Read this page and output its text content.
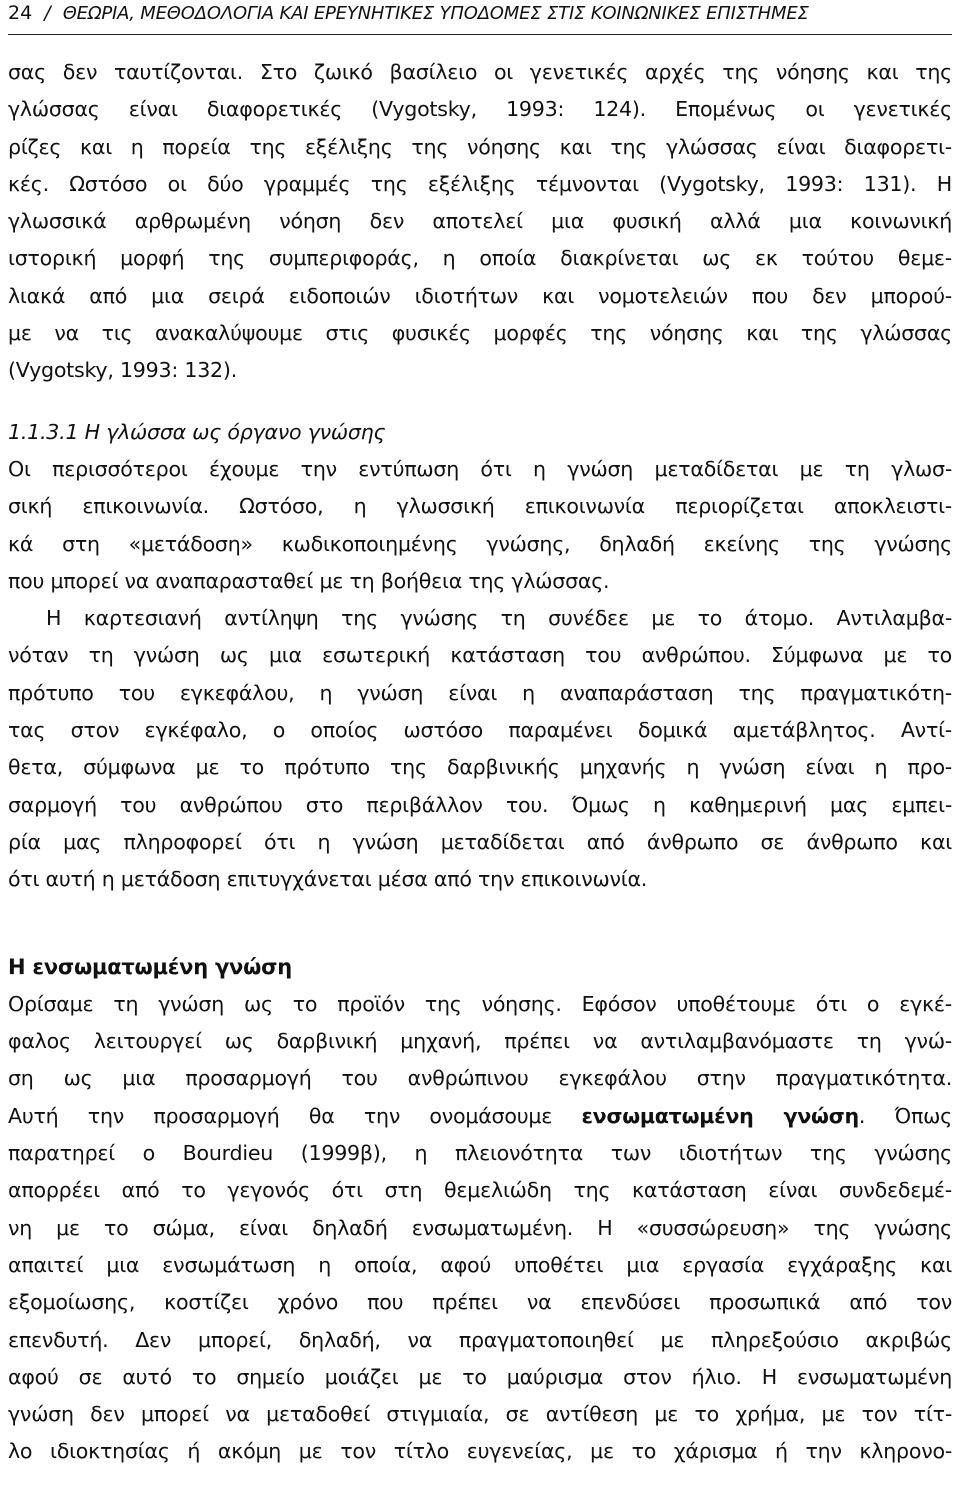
24 / ΘΕΩΡΙΑ, ΜΕΘΟΔΟΛΟΓΙΑ ΚΑΙ ΕΡΕΥΝΗΤΙΚΕΣ ΥΠΟΔΟΜΕΣ ΣΤΙΣ ΚΟΙΝΩΝΙΚΕΣ ΕΠΙΣΤΗΜΕΣ

σας δεν ταυτίζονται. Στο ζωικό βασίλειο οι γενετικές αρχές της νόησης και της
γλώσσας είναι διαφορετικές (Vygotsky, 1993: 124). Επομένως οι γενετικές
ρίζες και η πορεία της εξέλιξης της νόησης και της γλώσσας είναι διαφορετι-
κές. Ωστόσο οι δύο γραμμές της εξέλιξης τέμνονται (Vygotsky, 1993: 131). Η
γλωσσικά αρθρωμένη νόηση δεν αποτελεί μια φυσική αλλά μια κοινωνική
ιστορική μορφή της συμπεριφοράς, η οποία διακρίνεται ως εκ τούτου θεμε-
λιακά από μια σειρά ειδοποιών ιδιοτήτων και νομοτελειών που δεν μπορού-
με να τις ανακαλύψουμε στις φυσικές μορφές της νόησης και της γλώσσας
(Vygotsky, 1993: 132).

1.1.3.1 Η γλώσσα ως όργανο γνώσης

Οι περισσότεροι έχουμε την εντύπωση ότι η γνώση μεταδίδεται με τη γλωσ-
σική επικοινωνία. Ωστόσο, η γλωσσική επικοινωνία περιορίζεται αποκλειστι-
κά στη «μετάδοση» κωδικοποιημένης γνώσης, δηλαδή εκείνης της γνώσης
που μπορεί να αναπαρασταθεί με τη βοήθεια της γλώσσας.

Η καρτεσιανή αντίληψη της γνώσης τη συνέδεε με το άτομο. Αντιλαμβα-
νόταν τη γνώση ως μια εσωτερική κατάσταση του ανθρώπου. Σύμφωνα με το
πρότυπο του εγκεφάλου, η γνώση είναι η αναπαράσταση της πραγματικότη-
τας στον εγκέφαλο, ο οποίος ωστόσο παραμένει δομικά αμετάβλητος. Αντί-
θετα, σύμφωνα με το πρότυπο της δαρβινικής μηχανής η γνώση είναι η προ-
σαρμογή του ανθρώπου στο περιβάλλον του. Όμως η καθημερινή μας εμπει-
ρία μας πληροφορεί ότι η γνώση μεταδίδεται από άνθρωπο σε άνθρωπο και
ότι αυτή η μετάδοση επιτυγχάνεται μέσα από την επικοινωνία.

Η ενσωματωμένη γνώση

Ορίσαμε τη γνώση ως το προϊόν της νόησης. Εφόσον υποθέτουμε ότι ο εγκέ-
φαλος λειτουργεί ως δαρβινική μηχανή, πρέπει να αντιλαμβανόμαστε τη γνώ-
ση ως μια προσαρμογή του ανθρώπινου εγκεφάλου στην πραγματικότητα.
Αυτή την προσαρμογή θα την ονομάσουμε ενσωματωμένη γνώση. Όπως
παρατηρεί ο Bourdieu (1999β), η πλειονότητα των ιδιοτήτων της γνώσης
απορρέει από το γεγονός ότι στη θεμελιώδη της κατάσταση είναι συνδεδεμέ-
νη με το σώμα, είναι δηλαδή ενσωματωμένη. Η «συσσώρευση» της γνώσης
απαιτεί μια ενσωμάτωση η οποία, αφού υποθέτει μια εργασία εγχάραξης και
εξομοίωσης, κοστίζει χρόνο που πρέπει να επενδύσει προσωπικά από τον
επενδυτή. Δεν μπορεί, δηλαδή, να πραγματοποιηθεί με πληρεξούσιο ακριβώς
αφού σε αυτό το σημείο μοιάζει με το μαύρισμα στον ήλιο. Η ενσωματωμένη
γνώση δεν μπορεί να μεταδοθεί στιγμιαία, σε αντίθεση με το χρήμα, με τον τίτ-
λο ιδιοκτησίας ή ακόμη με τον τίτλο ευγενείας, με το χάρισμα ή την κληρονο-
